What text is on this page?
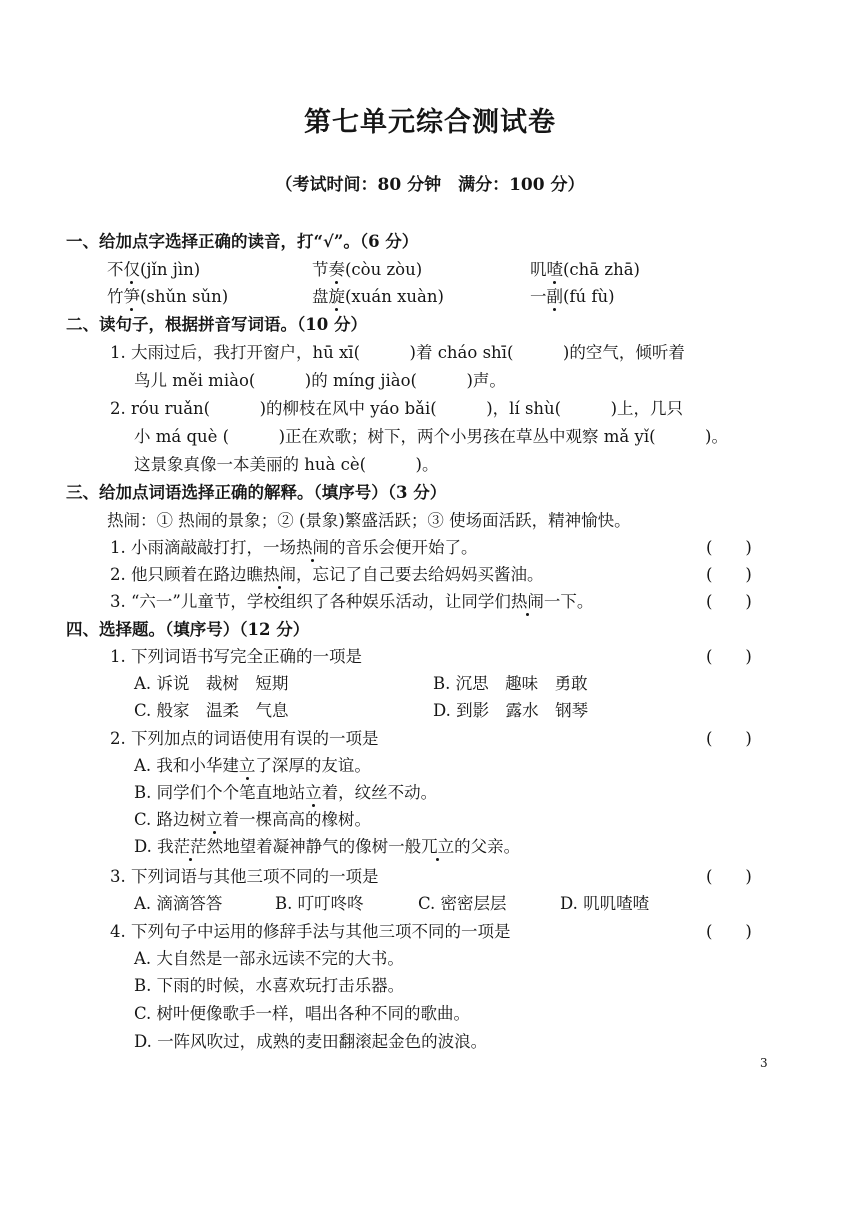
第七单元综合测试卷
（考试时间：80 分钟　满分：100 分）
一、给加点字选择正确的读音，打“√”。（6 分）
不仅(jǐn jìn)	节奏(còu zòu)	叽喳(chā zhā)
竹笋(shǔn sǔn)	盘旋(xuán xuàn)	一副(fú fù)
二、读句子，根据拼音写词语。（10 分）
1. 大雨过后，我打开窗户，hū xī(　　　)着 cháo shī(　　　)的空气，倾听着
鸟儿 měi miào(　　　)的 míng jiào(　　　)声。
2. róu ruǎn(　　　)的柳枝在风中 yáo bǎi(　　　)，lí shù(　　　)上，几只
小 má què (　　　)正在欢歌；树下，两个小男孩在草丛中观察 mǎ yǐ(　　　)。
这景象真像一本美丽的 huà cè(　　　)。
三、给加点词语选择正确的解释。（填序号）（3 分）
热闹：① 热闹的景象；② (景象)繁盛活跃；③ 使场面活跃，精神愉快。
1. 小雨滴敲敲打打，一场热闹的音乐会便开始了。	(　　)
2. 他只顾着在路边瞧热闹，忘记了自己要去给妈妈买酱油。	(　　)
3. “六一”儿童节，学校组织了各种娱乐活动，让同学们热闹一下。	(　　)
四、选择题。（填序号）（12 分）
1. 下列词语书写完全正确的一项是	(　　)
A. 诉说　裁树　短期	B. 沉思　趣味　勇敢
C. 般家　温柔　气息	D. 到影　露水　钢琴
2. 下列加点的词语使用有误的一项是	(　　)
A. 我和小华建立了深厚的友谊。
B. 同学们个个笔直地站立着，纹丝不动。
C. 路边树立着一棵高高的橡树。
D. 我茫茫然地望着凝神静气的像树一般兀立的父亲。
3. 下列词语与其他三项不同的一项是	(　　)
A. 滴滴答答	B. 叮叮咚咚	C. 密密层层	D. 叽叽喳喳
4. 下列句子中运用的修辞手法与其他三项不同的一项是	(　　)
A. 大自然是一部永远读不完的大书。
B. 下雨的时候，水喜欢玩打击乐器。
C. 树叶便像歌手一样，唱出各种不同的歌曲。
D. 一阵风吹过，成熟的麦田翻滚起金色的波浪。
3
